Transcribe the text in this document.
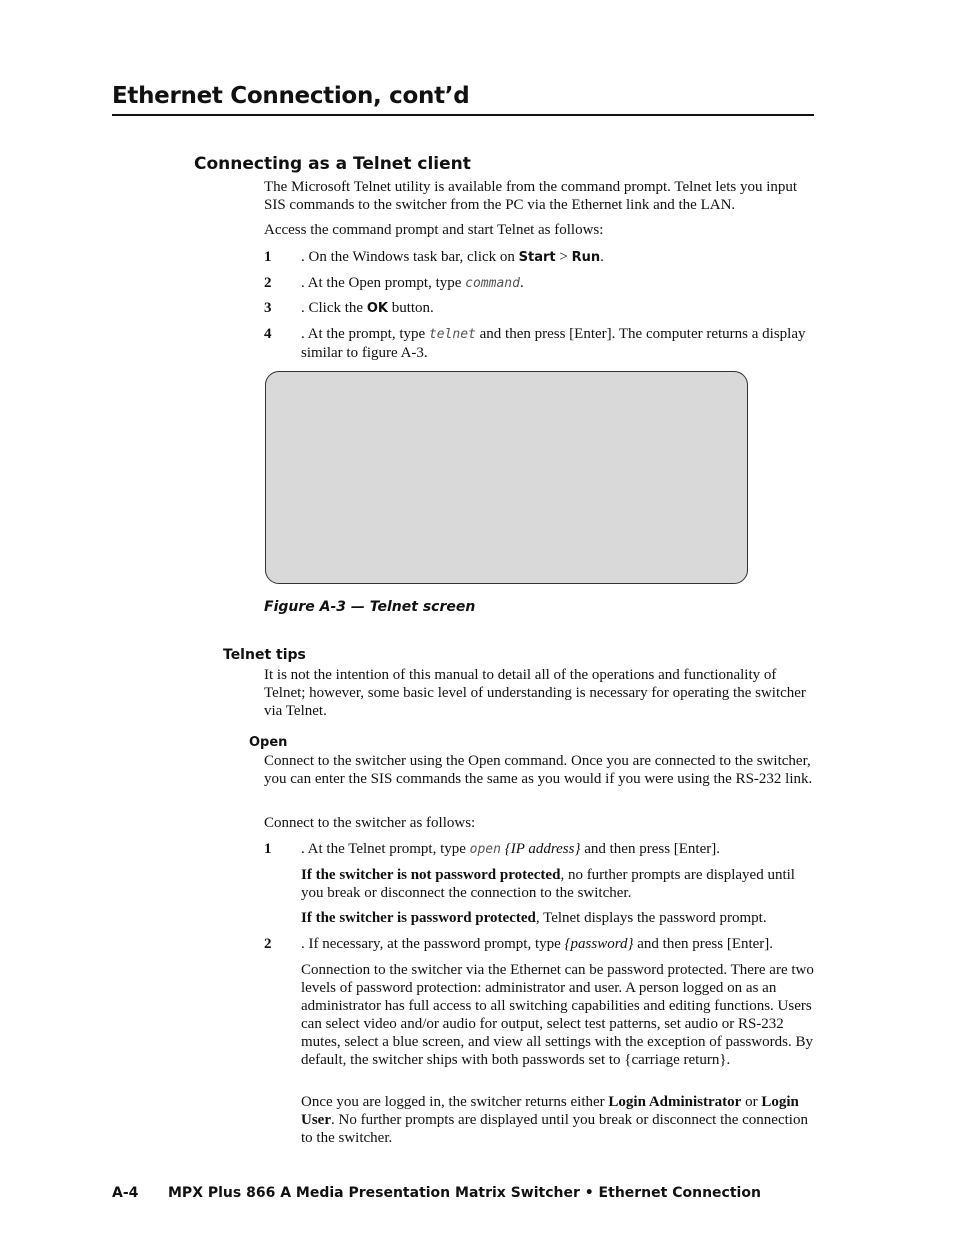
Ethernet Connection, cont’d
Connecting as a Telnet client
The Microsoft Telnet utility is available from the command prompt. Telnet lets you input SIS commands to the switcher from the PC via the Ethernet link and the LAN.
Access the command prompt and start Telnet as follows:
1 . On the Windows task bar, click on Start > Run.
2 . At the Open prompt, type command.
3 . Click the OK button.
4 . At the prompt, type telnet and then press [Enter]. The computer returns a display similar to figure A-3.
Figure A-3 — Telnet screen
Telnet tips
It is not the intention of this manual to detail all of the operations and functionality of Telnet; however, some basic level of understanding is necessary for operating the switcher via Telnet.
Open
Connect to the switcher using the Open command. Once you are connected to the switcher, you can enter the SIS commands the same as you would if you were using the RS-232 link.
Connect to the switcher as follows:
1 . At the Telnet prompt, type open {IP address} and then press [Enter].
If the switcher is not password protected, no further prompts are displayed until you break or disconnect the connection to the switcher.
If the switcher is password protected, Telnet displays the password prompt.
2 . If necessary, at the password prompt, type {password} and then press [Enter].
Connection to the switcher via the Ethernet can be password protected. There are two levels of password protection: administrator and user. A person logged on as an administrator has full access to all switching capabilities and editing functions. Users can select video and/or audio for output, select test patterns, set audio or RS-232 mutes, select a blue screen, and view all settings with the exception of passwords. By default, the switcher ships with both passwords set to {carriage return}.
Once you are logged in, the switcher returns either Login Administrator or Login User. No further prompts are displayed until you break or disconnect the connection to the switcher.
A-4 MPX Plus 866 A Media Presentation Matrix Switcher • Ethernet Connection
